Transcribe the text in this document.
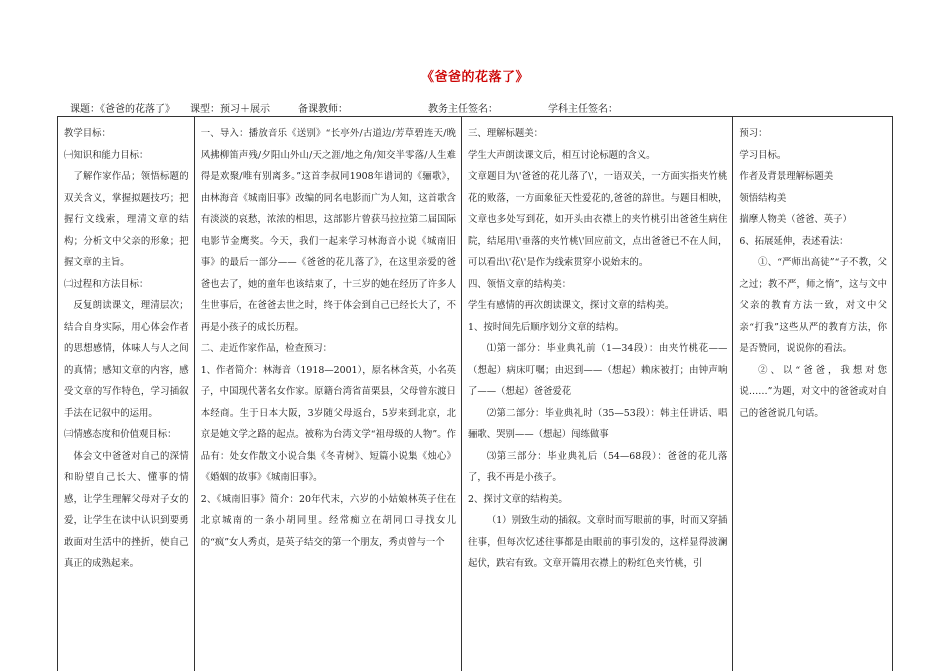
《爸爸的花落了》
课题：《爸爸的花落了》 课型：预习＋展示	备课教师：	教务主任签名：	学科主任签名：

教学目标：

㈠知识和能力目标：

了解作家作品；领悟标题的双关含义，掌握拟题技巧；把握行文线索，理清文章的结构；分析文中父亲的形象；把握文章的主旨。

㈡过程和方法目标：

反复朗读课文，理清层次；结合自身实际，用心体会作者的思想感情，体味人与人之间的真情；感知文章的内容，感受文章的写作特色，学习插叙手法在记叙中的运用。

㈢情感态度和价值观目标：

体会文中爸爸对自己的深情和盼望自己长大、懂事的情感，让学生理解父母对子女的爱，让学生在读中认识到要勇敢面对生活中的挫折，使自己真正的成熟起来。

一、导入：播放音乐《送别》“长亭外/古道边/芳草碧连天/晚风拂柳笛声残/夕阳山外山/天之涯/地之角/知交半零落/人生难得是欢聚/唯有别离多。”这首李叔同1908年谱词的《骊歌》，由林海音《城南旧事》改编的同名电影而广为人知，这首歌含有淡淡的哀愁，浓浓的相思，这部影片曾获马拉拉第二届国际电影节金鹰奖。今天，我们一起来学习林海音小说《城南旧事》的最后一部分——《爸爸的花儿落了》，在这里亲爱的爸爸也去了，她的童年也该结束了，十三岁的她在经历了许多人生世事后，在爸爸去世之时，终于体会到自己已经长大了，不再是小孩子的成长历程。

二、走近作家作品，检查预习：

1、作者简介：林海音（1918—2001），原名林含英，小名英子，中国现代著名女作家。原籍台湾省苗栗县，父母曾东渡日本经商。生于日本大阪，3岁随父母返台，5岁来到北京，北京是她文学之路的起点。被称为台湾文学“祖母级的人物”。作品有：处女作散文小说合集《冬青树》、短篇小说集《烛心》《婚姻的故事》《城南旧事》。

2、《城南旧事》简介：20年代末，六岁的小姑娘林英子住在北京城南的一条小胡同里。经常痴立在胡同口寻找女儿的“疯”女人秀贞，是英子结交的第一个朋友，秀贞曾与一个

三、理解标题美：

学生大声朗读课文后，相互讨论标题的含义。

文章题目为\'爸爸的花儿落了\'，一语双关，一方面实指夹竹桃花的败落，一方面象征天性爱花的,爸爸的辞世。与题目相映，文章也多处写到花，如开头由衣襟上的夹竹桃引出爸爸生病住院，结尾用\'垂落的夹竹桃\'回应前文，点出爸爸已不在人间，可以看出\'花\'是作为线索贯穿小说始末的。

四、领悟文章的结构美：

学生有感情的再次朗读课文，探讨文章的结构美。

1、按时间先后顺序划分文章的结构。

⑴第一部分：毕业典礼前（1—34段）：由夹竹桃花——（想起）病床叮嘱；由迟到——（想起）赖床被打；由钟声响了——（想起）爸爸爱花

⑵第二部分：毕业典礼时（35—53段）：韩主任讲话、唱骊歌、哭别——（想起）闯练做事

⑶第三部分：毕业典礼后（54—68段）：爸爸的花儿落了，我不再是小孩子。

2、探讨文章的结构美。

（1）别致生动的插叙。文章时而写眼前的事，时而又穿插往事，但每次忆述往事都是由眼前的事引发的，这样显得波澜起伏，跌宕有致。文章开篇用衣襟上的粉红色夹竹桃，引

预习：

学习目标。

作者及背景理解标题美

领悟结构美

揣摩人物美（爸爸、英子）

6、拓展延伸，表述看法：

①、“严师出高徒”“子不教，父之过；教不严，师之惰”，这与文中父亲的教育方法一致，对文中父亲“打我”这些从严的教育方法，你是否赞同，说说你的看法。

②、以“爸爸，我想对您说……”为题，对文中的爸爸或对自己的爸爸说几句话。
